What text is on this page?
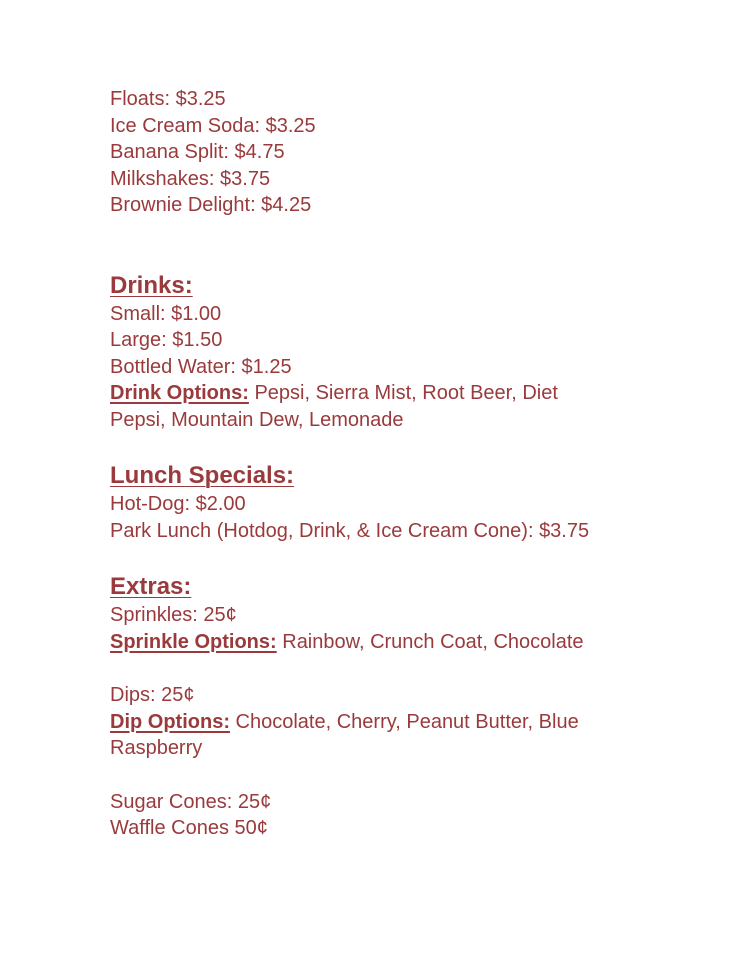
Floats: $3.25

Ice Cream Soda: $3.25

Banana Split: $4.75

Milkshakes: $3.75

Brownie Delight: $4.25

Drinks:

Small: $1.00

Large: $1.50

Bottled Water: $1.25

Drink Options: Pepsi, Sierra Mist, Root Beer, Diet Pepsi, Mountain Dew, Lemonade

Lunch Specials:

Hot-Dog: $2.00

Park Lunch (Hotdog, Drink, & Ice Cream Cone): $3.75

Extras:

Sprinkles: 25¢

Sprinkle Options: Rainbow, Crunch Coat, Chocolate

Dips: 25¢

Dip Options: Chocolate, Cherry, Peanut Butter, Blue Raspberry

Sugar Cones: 25¢

Waffle Cones 50¢
